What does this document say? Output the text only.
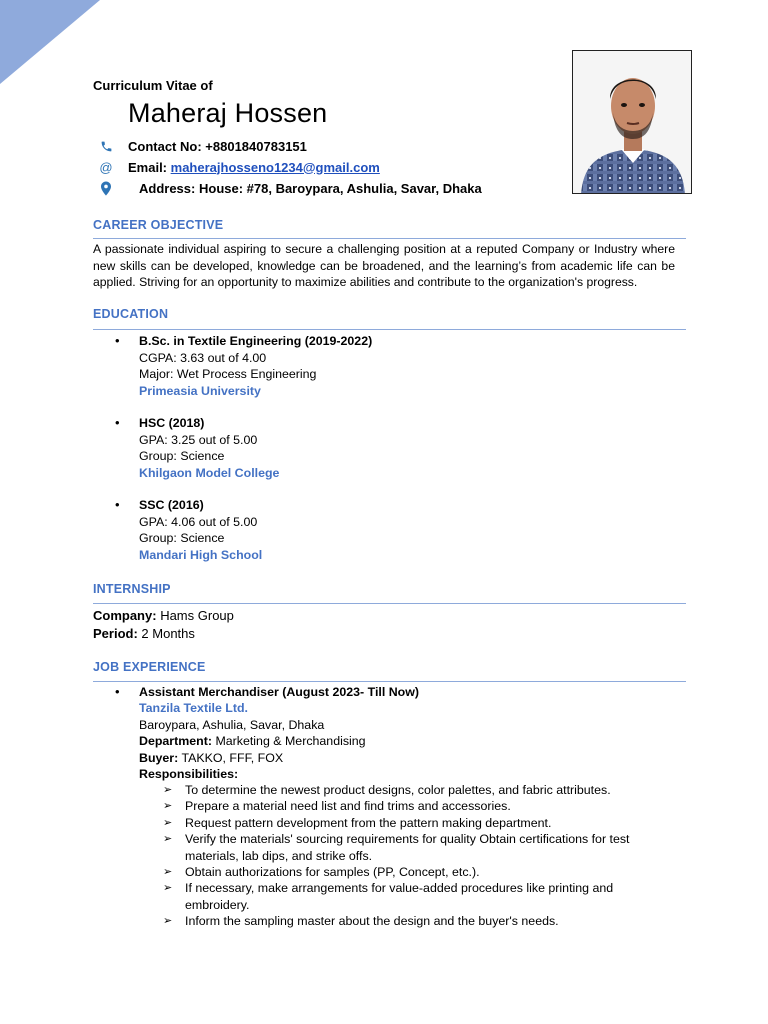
Curriculum Vitae of
Maheraj Hossen
Contact No: +8801840783151
@ Email: maherajhosseno1234@gmail.com
Address: House: #78, Baroypara, Ashulia, Savar, Dhaka
CAREER OBJECTIVE
A passionate individual aspiring to secure a challenging position at a reputed Company or Industry where new skills can be developed, knowledge can be broadened, and the learning’s from academic life can be applied. Striving for an opportunity to maximize abilities and contribute to the organization's progress.
EDUCATION
• B.Sc. in Textile Engineering (2019-2022)
CGPA: 3.63 out of 4.00
Major: Wet Process Engineering
Primeasia University
• HSC (2018)
GPA: 3.25 out of 5.00
Group: Science
Khilgaon Model College
• SSC (2016)
GPA: 4.06 out of 5.00
Group: Science
Mandari High School
INTERNSHIP
Company: Hams Group
Period: 2 Months
JOB EXPERIENCE
• Assistant Merchandiser (August 2023- Till Now)
Tanzila Textile Ltd.
Baroypara, Ashulia, Savar, Dhaka
Department: Marketing & Merchandising
Buyer: TAKKO, FFF, FOX
Responsibilities:
➢ To determine the newest product designs, color palettes, and fabric attributes.
➢ Prepare a material need list and find trims and accessories.
➢ Request pattern development from the pattern making department.
➢ Verify the materials' sourcing requirements for quality Obtain certifications for test materials, lab dips, and strike offs.
➢ Obtain authorizations for samples (PP, Concept, etc.).
➢ If necessary, make arrangements for value-added procedures like printing and embroidery.
➢ Inform the sampling master about the design and the buyer's needs.
